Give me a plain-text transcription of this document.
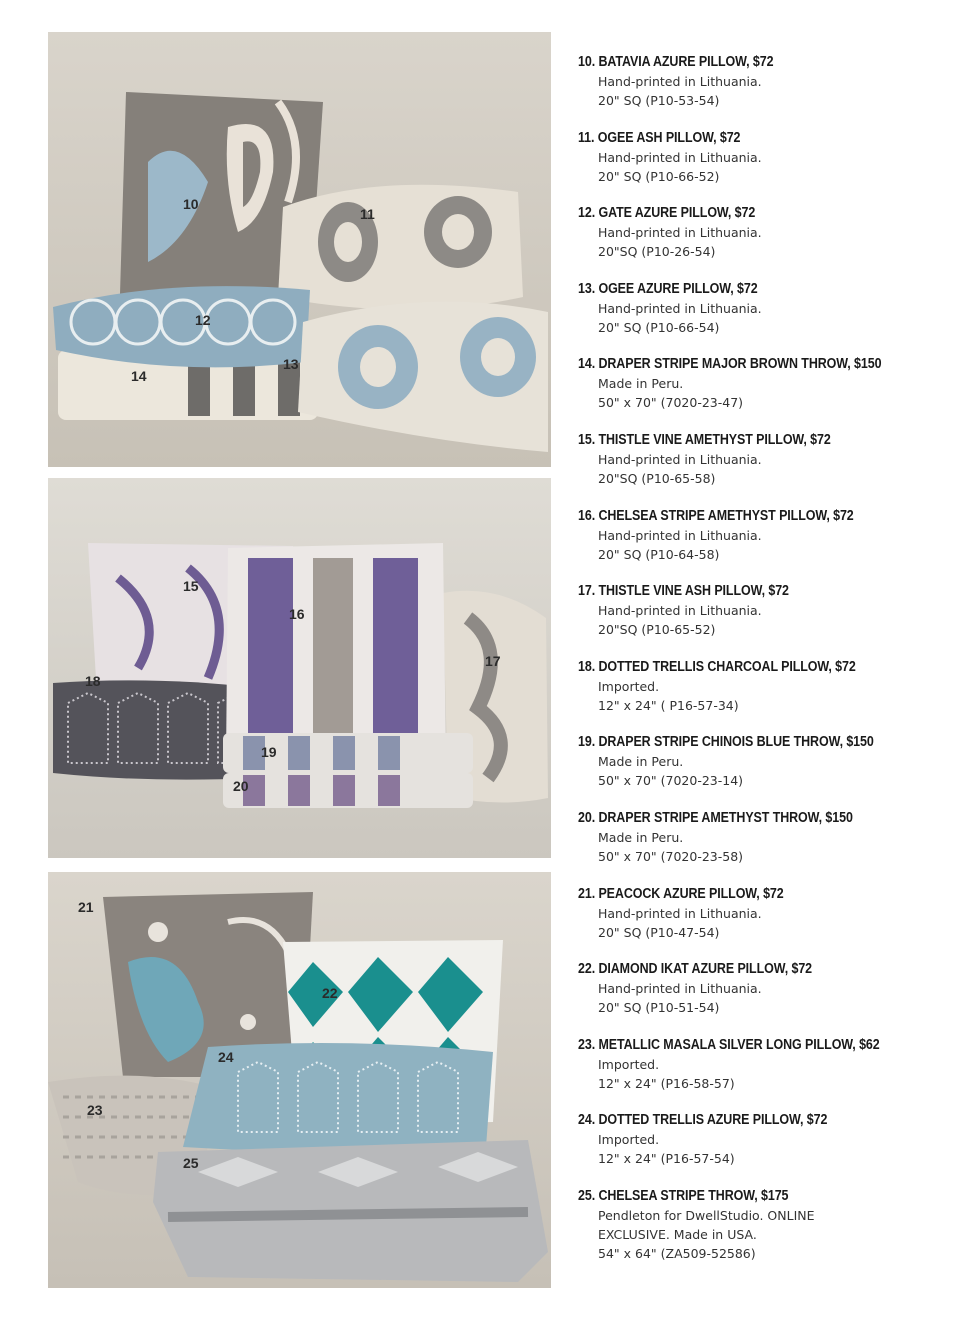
10
11
12
13
14
15
16
17
18
19
20
21
22
23
24
25
10. BATAVIA AZURE PILLOW, $72
Hand-printed in Lithuania.
20" SQ (P10-53-54)
11. OGEE ASH PILLOW, $72
Hand-printed in Lithuania.
20" SQ (P10-66-52)
12. GATE AZURE PILLOW, $72
Hand-printed in Lithuania.
20"SQ (P10-26-54)
13. OGEE AZURE PILLOW, $72
Hand-printed in Lithuania.
20" SQ (P10-66-54)
14. DRAPER STRIPE MAJOR BROWN THROW, $150
Made in Peru.
50" x 70" (7020-23-47)
15. THISTLE VINE AMETHYST PILLOW, $72
Hand-printed in Lithuania.
20"SQ (P10-65-58)
16. CHELSEA STRIPE AMETHYST PILLOW, $72
Hand-printed in Lithuania.
20" SQ (P10-64-58)
17. THISTLE VINE ASH PILLOW, $72
Hand-printed in Lithuania.
20"SQ (P10-65-52)
18. DOTTED TRELLIS CHARCOAL PILLOW, $72
Imported.
12" x 24" ( P16-57-34)
19. DRAPER STRIPE CHINOIS BLUE THROW, $150
Made in Peru.
50" x 70" (7020-23-14)
20. DRAPER STRIPE AMETHYST THROW, $150
Made in Peru.
50" x 70" (7020-23-58)
21. PEACOCK AZURE PILLOW, $72
Hand-printed in Lithuania.
20" SQ (P10-47-54)
22. DIAMOND IKAT AZURE PILLOW, $72
Hand-printed in Lithuania.
20" SQ (P10-51-54)
23. METALLIC MASALA SILVER LONG PILLOW, $62
Imported.
12" x 24" (P16-58-57)
24. DOTTED TRELLIS AZURE PILLOW, $72
Imported.
12" x 24" (P16-57-54)
25. CHELSEA STRIPE THROW, $175
Pendleton for DwellStudio. ONLINE
EXCLUSIVE. Made in USA.
54" x 64" (ZA509-52586)
